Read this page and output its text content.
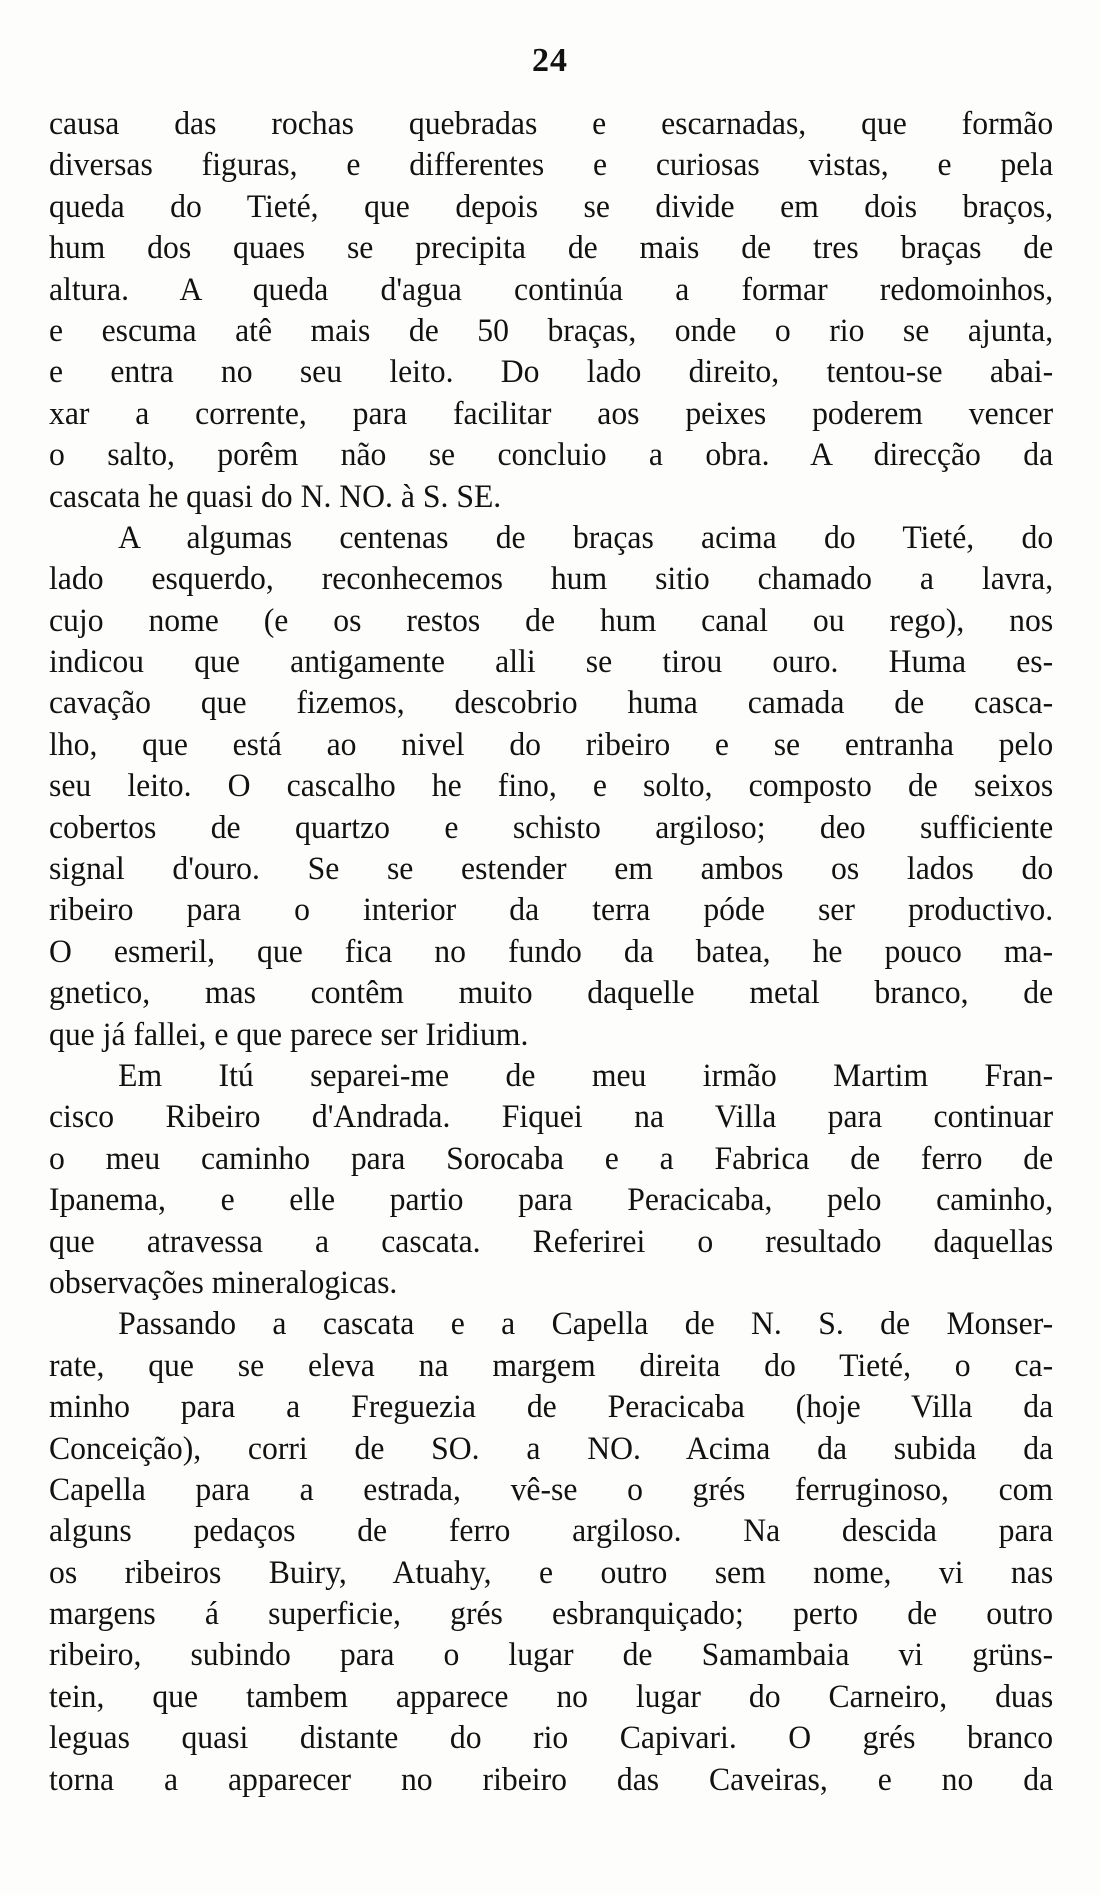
24
causa das rochas quebradas e escarnadas, que formão
diversas figuras, e differentes e curiosas vistas, e pela
queda do Tieté, que depois se divide em dois braços,
hum dos quaes se precipita de mais de tres braças de
altura. A queda d'agua continúa a formar redomoinhos,
e escuma atê mais de 50 braças, onde o rio se ajunta,
e entra no seu leito. Do lado direito, tentou-se abai-
xar a corrente, para facilitar aos peixes poderem vencer
o salto, porêm não se concluio a obra. A direcção da
cascata he quasi do N. NO. à S. SE.
A algumas centenas de braças acima do Tieté, do
lado esquerdo, reconhecemos hum sitio chamado a lavra,
cujo nome (e os restos de hum canal ou rego), nos
indicou que antigamente alli se tirou ouro. Huma es-
cavação que fizemos, descobrio huma camada de casca-
lho, que está ao nivel do ribeiro e se entranha pelo
seu leito. O cascalho he fino, e solto, composto de seixos
cobertos de quartzo e schisto argiloso; deo sufficiente
signal d'ouro. Se se estender em ambos os lados do
ribeiro para o interior da terra póde ser productivo.
O esmeril, que fica no fundo da batea, he pouco ma-
gnetico, mas contêm muito daquelle metal branco, de
que já fallei, e que parece ser Iridium.
Em Itú separei-me de meu irmão Martim Fran-
cisco Ribeiro d'Andrada. Fiquei na Villa para continuar
o meu caminho para Sorocaba e a Fabrica de ferro de
Ipanema, e elle partio para Peracicaba, pelo caminho,
que atravessa a cascata. Referirei o resultado daquellas
observações mineralogicas.
Passando a cascata e a Capella de N. S. de Monser-
rate, que se eleva na margem direita do Tieté, o ca-
minho para a Freguezia de Peracicaba (hoje Villa da
Conceição), corri de SO. a NO. Acima da subida da
Capella para a estrada, vê-se o grés ferruginoso, com
alguns pedaços de ferro argiloso. Na descida para
os ribeiros Buiry, Atuahy, e outro sem nome, vi nas
margens á superficie, grés esbranquiçado; perto de outro
ribeiro, subindo para o lugar de Samambaia vi grüns-
tein, que tambem apparece no lugar do Carneiro, duas
leguas quasi distante do rio Capivari. O grés branco
torna a apparecer no ribeiro das Caveiras, e no da
